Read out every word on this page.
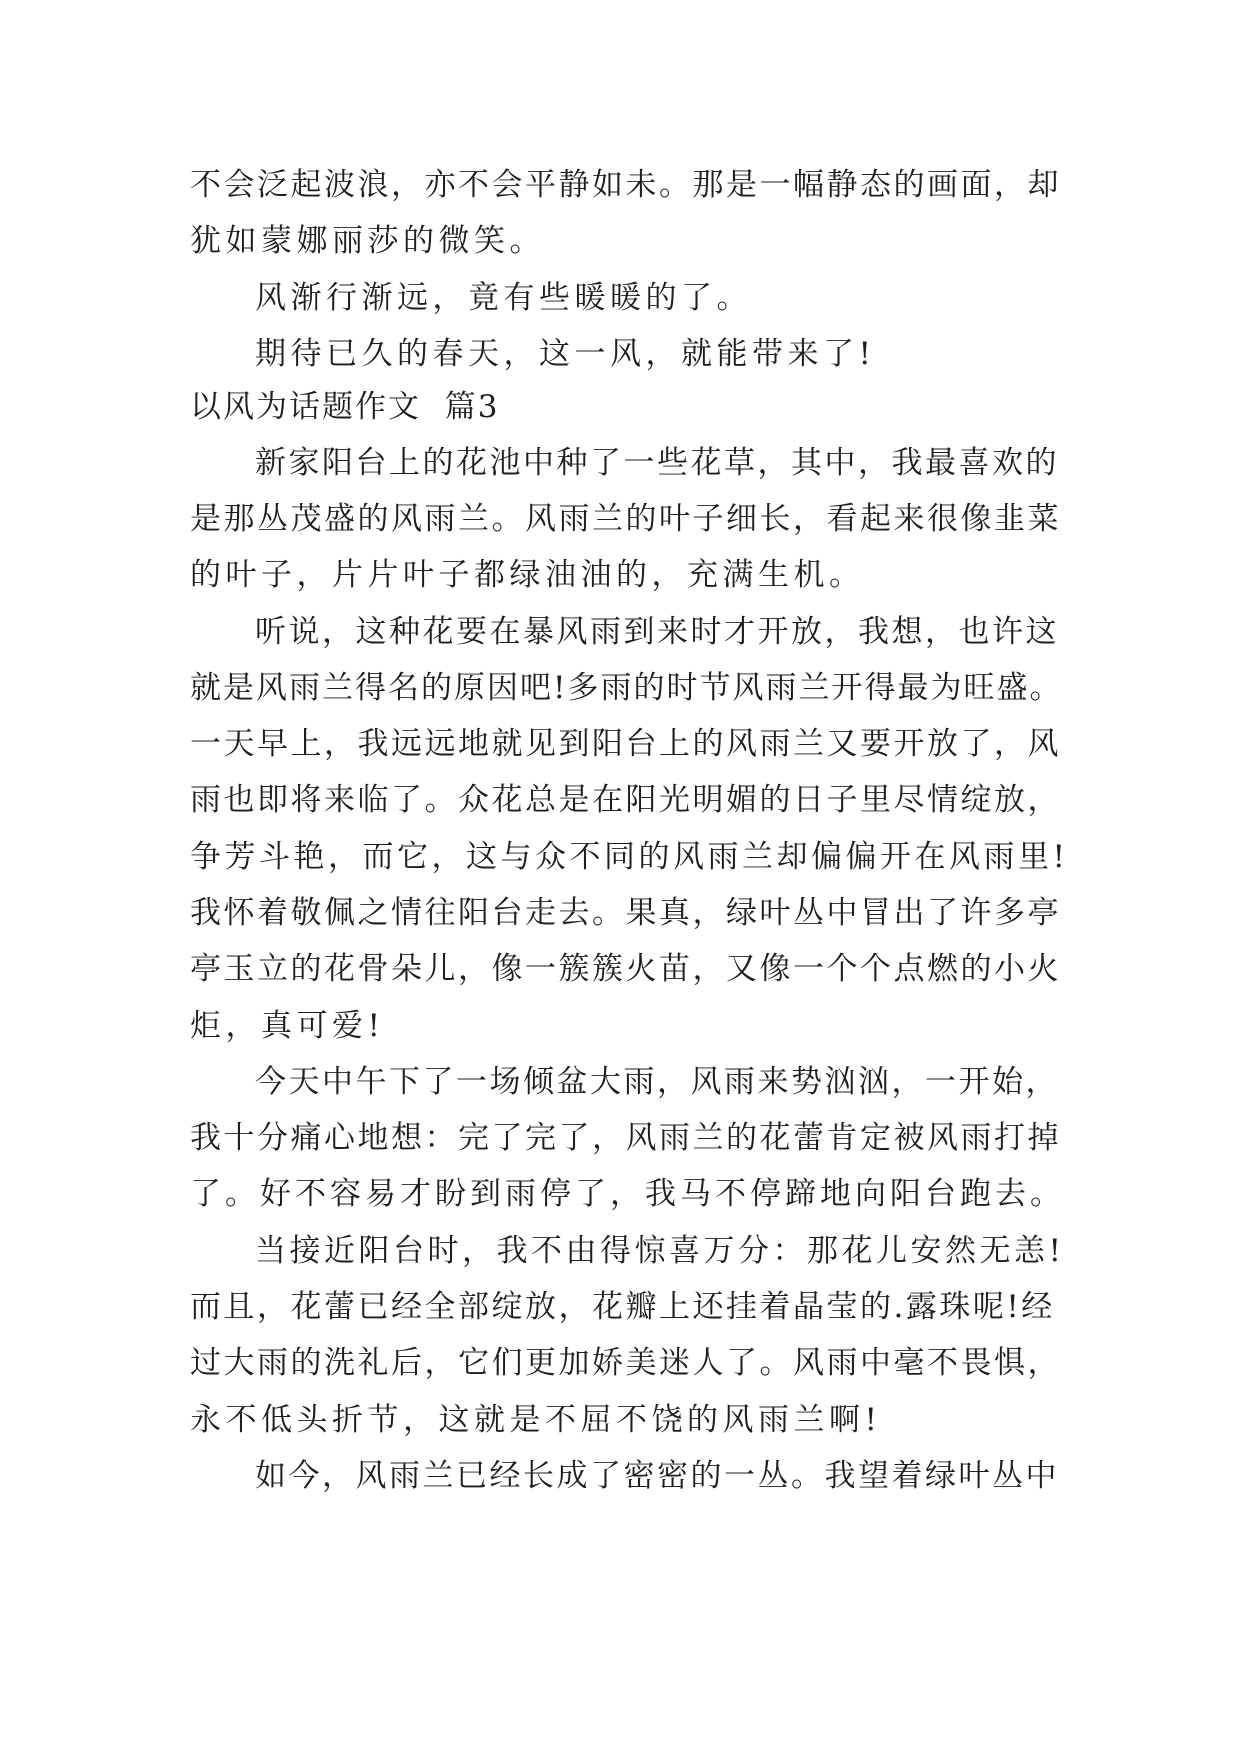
不会泛起波浪，亦不会平静如未。那是一幅静态的画面，却
犹如蒙娜丽莎的微笑。
风渐行渐远，竟有些暖暖的了。
期待已久的春天，这一风，就能带来了!
以风为话题作文  篇3
新家阳台上的花池中种了一些花草，其中，我最喜欢的
是那丛茂盛的风雨兰。风雨兰的叶子细长，看起来很像韭菜
的叶子，片片叶子都绿油油的，充满生机。
听说，这种花要在暴风雨到来时才开放，我想，也许这
就是风雨兰得名的原因吧!多雨的时节风雨兰开得最为旺盛。
一天早上，我远远地就见到阳台上的风雨兰又要开放了，风
雨也即将来临了。众花总是在阳光明媚的日子里尽情绽放，
争芳斗艳，而它，这与众不同的风雨兰却偏偏开在风雨里!
我怀着敬佩之情往阳台走去。果真，绿叶丛中冒出了许多亭
亭玉立的花骨朵儿，像一簇簇火苗，又像一个个点燃的小火
炬，真可爱!
今天中午下了一场倾盆大雨，风雨来势汹汹，一开始，
我十分痛心地想：完了完了，风雨兰的花蕾肯定被风雨打掉
了。好不容易才盼到雨停了，我马不停蹄地向阳台跑去。
当接近阳台时，我不由得惊喜万分：那花儿安然无恙!
而且，花蕾已经全部绽放，花瓣上还挂着晶莹的.露珠呢!经
过大雨的洗礼后，它们更加娇美迷人了。风雨中毫不畏惧，
永不低头折节，这就是不屈不饶的风雨兰啊!
如今，风雨兰已经长成了密密的一丛。我望着绿叶丛中
